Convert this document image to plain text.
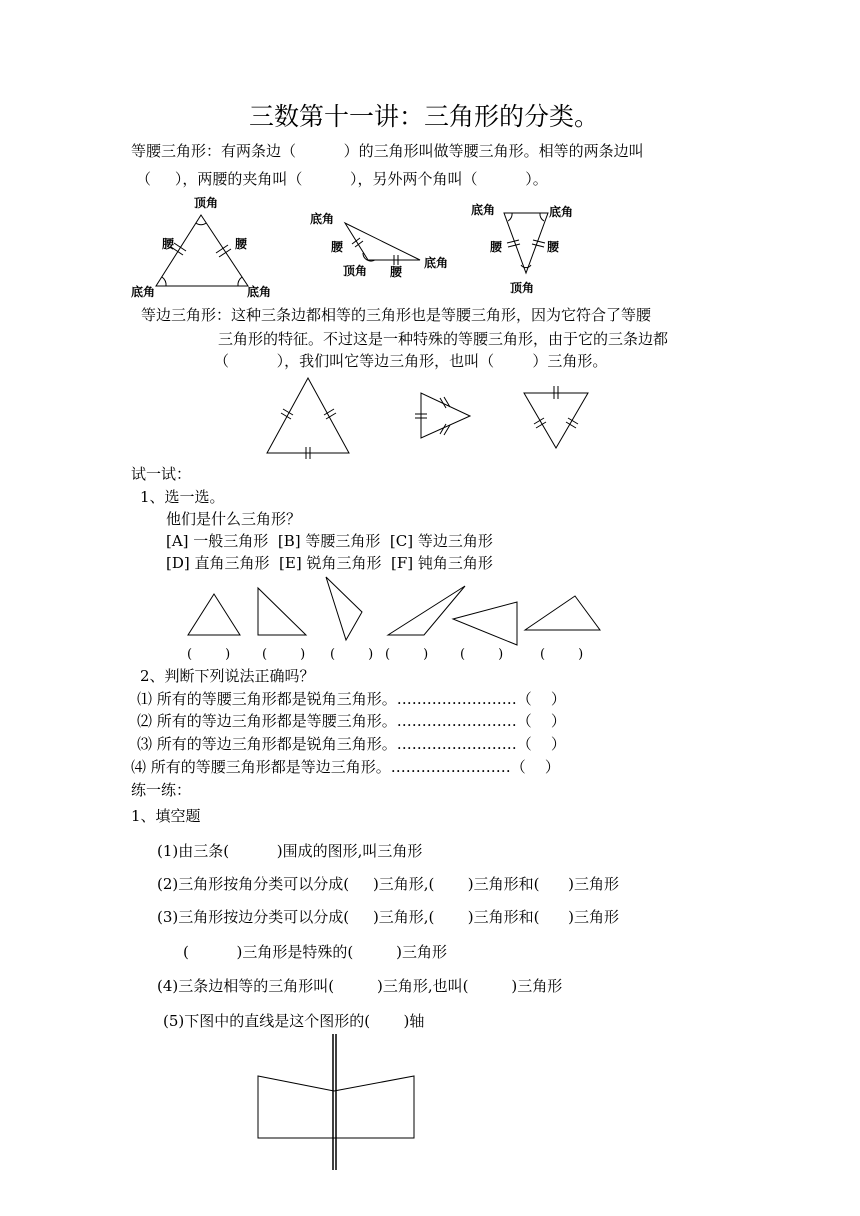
三数第十一讲：三角形的分类。
等腰三角形：有两条边（          ）的三角形叫做等腰三角形。相等的两条边叫
（     ），两腰的夹角叫（          ），另外两个角叫（          ）。
顶角
腰	腰
底角	底角
底角
腰
底角
顶角 腰
底角	底角
腰	腰
顶角
等边三角形：这种三条边都相等的三角形也是等腰三角形，因为它符合了等腰
三角形的特征。不过这是一种特殊的等腰三角形，由于它的三条边都
（          ），我们叫它等边三角形，也叫（        ）三角形。
试一试：
1、选一选。
他们是什么三角形？
[A] 一般三角形  [B] 等腰三角形  [C] 等边三角形
[D] 直角三角形  [E] 锐角三角形  [F] 钝角三角形
(        ) (        ) (        ) (        ) (        )	(        )
2、判断下列说法正确吗？
⑴ 所有的等腰三角形都是锐角三角形。……………………（    ）
⑵ 所有的等边三角形都是等腰三角形。……………………（    ）
⑶ 所有的等边三角形都是锐角三角形。……………………（    ）
⑷ 所有的等腰三角形都是等边三角形。……………………（    ）
练一练：
1、填空题
(1)由三条(          )围成的图形,叫三角形
(2)三角形按角分类可以分成(     )三角形,(       )三角形和(      )三角形
(3)三角形按边分类可以分成(     )三角形,(       )三角形和(      )三角形
(          )三角形是特殊的(         )三角形
(4)三条边相等的三角形叫(         )三角形,也叫(         )三角形
(5)下图中的直线是这个图形的(       )轴
